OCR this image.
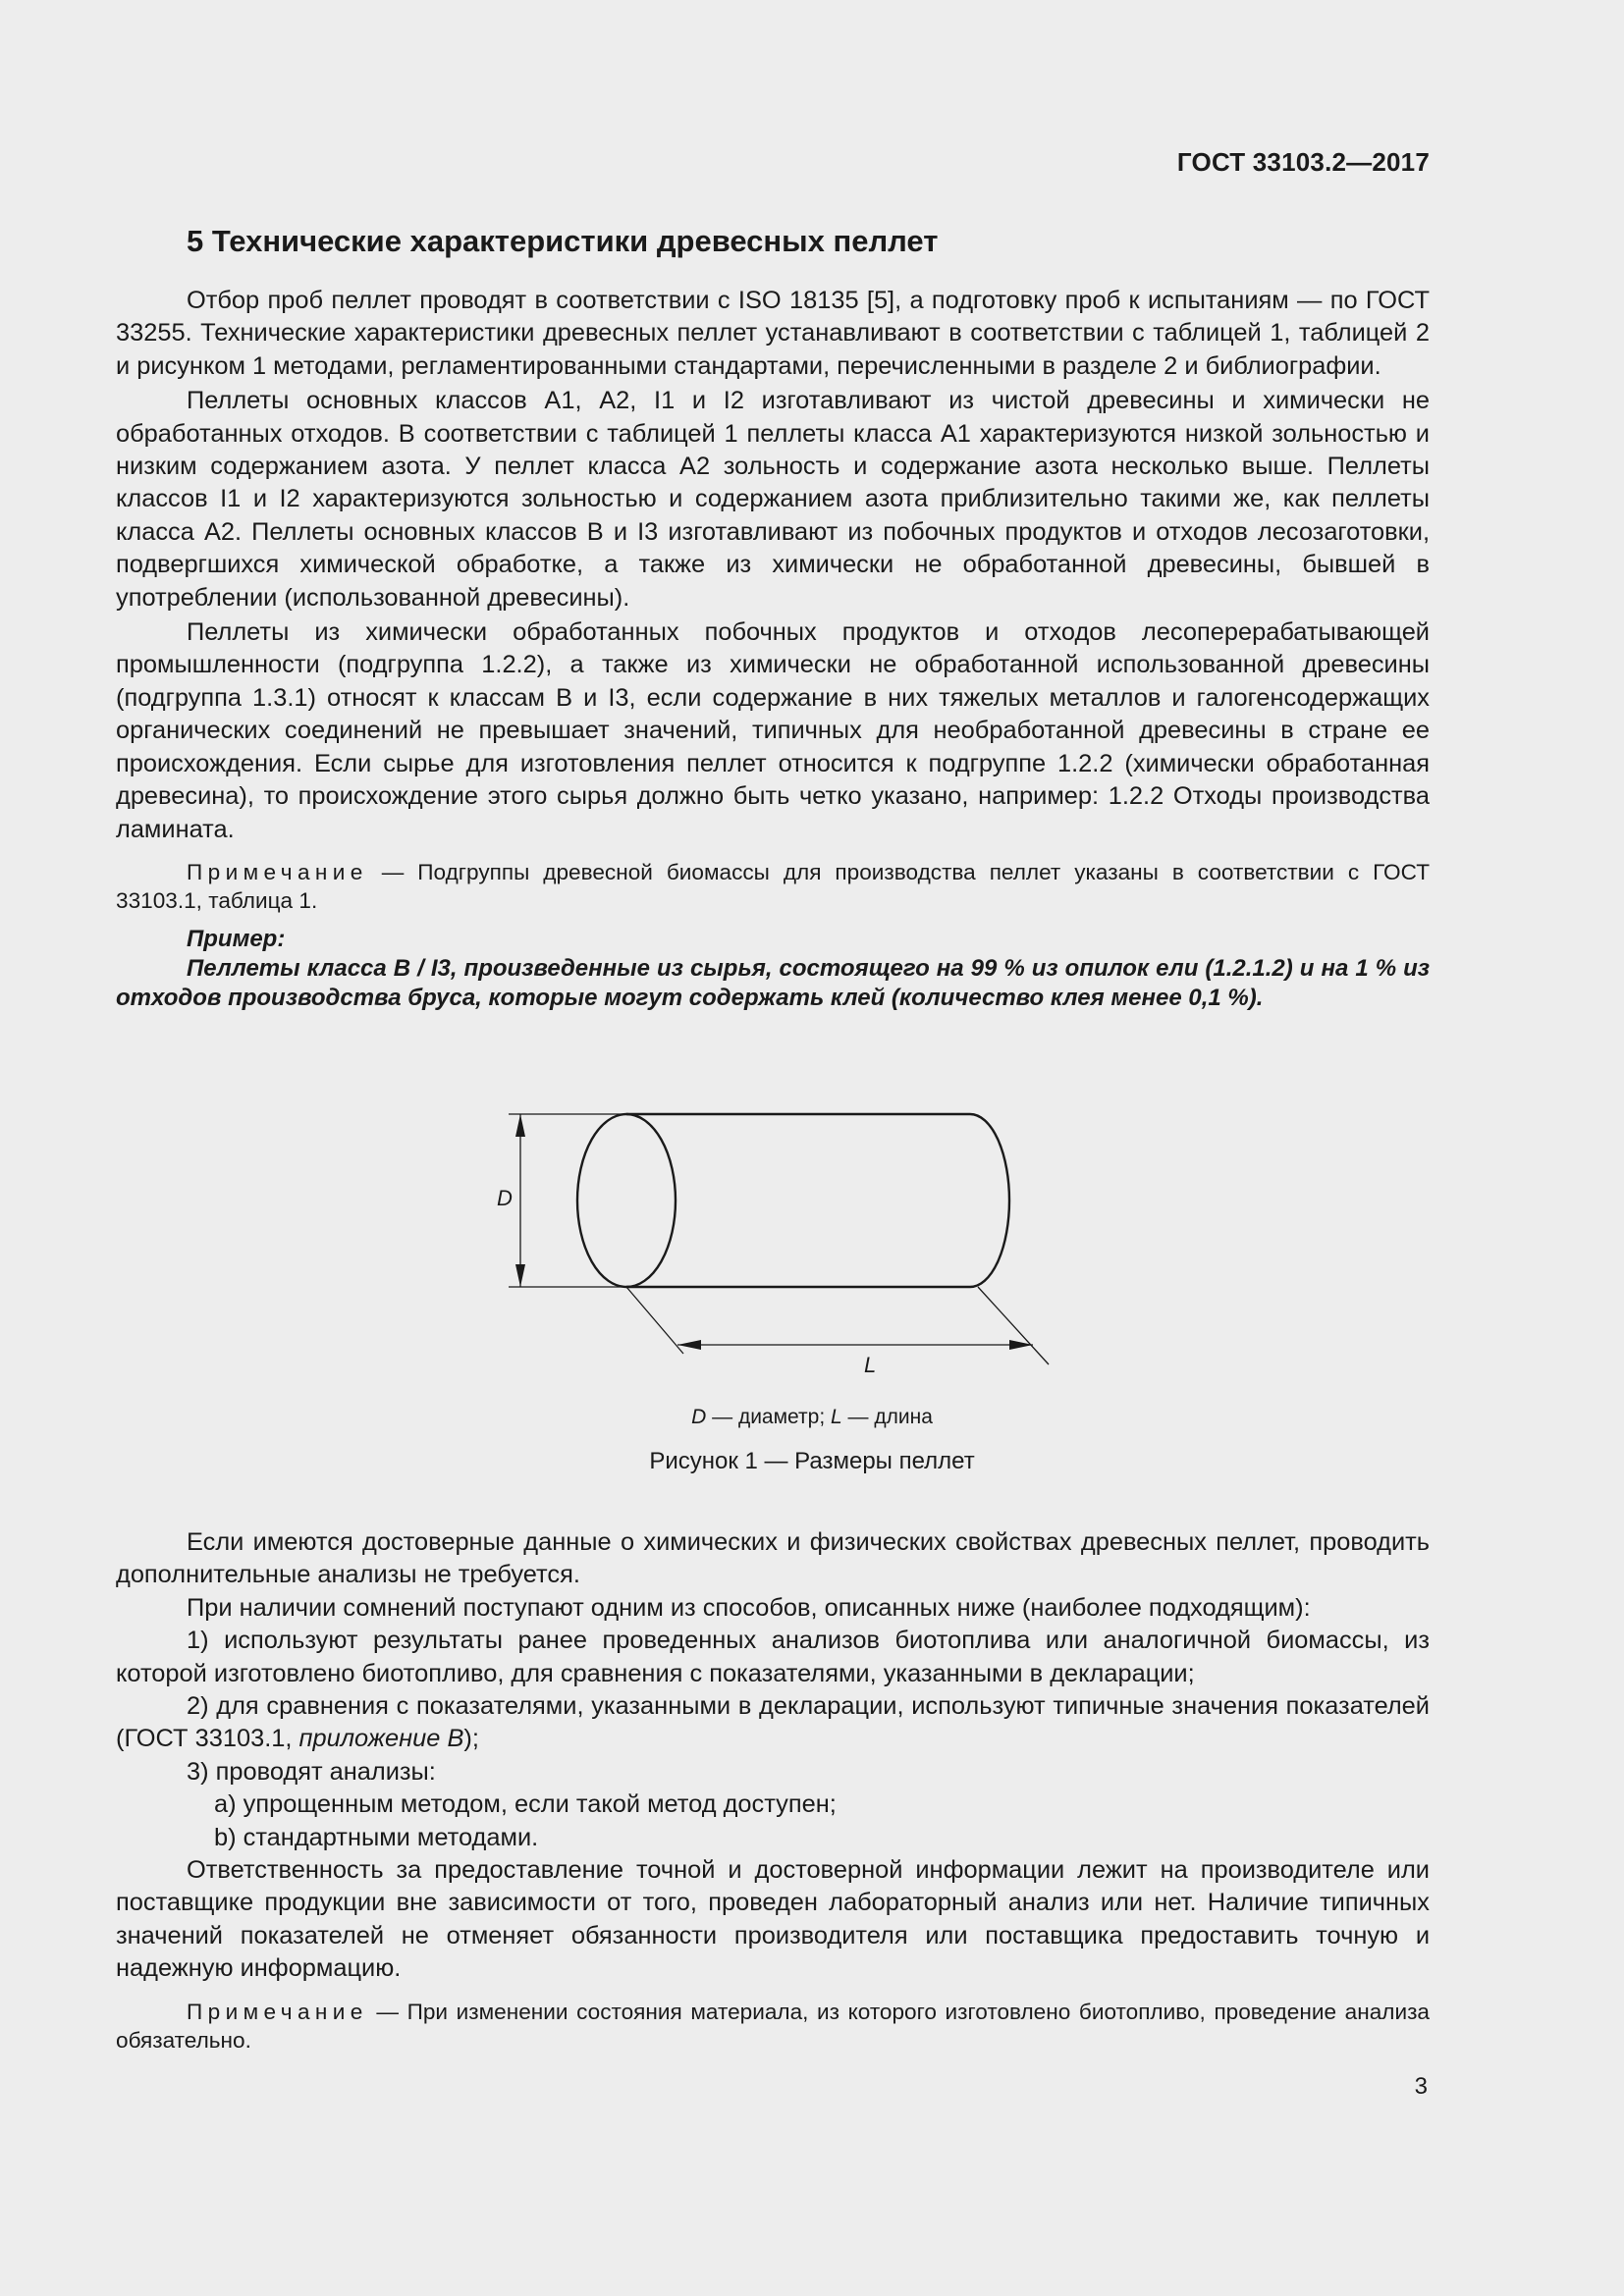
ГОСТ 33103.2—2017
5 Технические характеристики древесных пеллет

Отбор проб пеллет проводят в соответствии с ISO 18135 [5], а подготовку проб к испытаниям — по ГОСТ 33255. Технические характеристики древесных пеллет устанавливают в соответствии с таблицей 1, таблицей 2 и рисунком 1 методами, регламентированными стандартами, перечисленными в разделе 2 и библиографии.

Пеллеты основных классов А1, А2, I1 и I2 изготавливают из чистой древесины и химически не обработанных отходов. В соответствии с таблицей 1 пеллеты класса А1 характеризуются низкой зольностью и низким содержанием азота. У пеллет класса А2 зольность и содержание азота несколько выше. Пеллеты классов I1 и I2 характеризуются зольностью и содержанием азота приблизительно такими же, как пеллеты класса А2. Пеллеты основных классов В и I3 изготавливают из побочных продуктов и отходов лесозаготовки, подвергшихся химической обработке, а также из химически не обработанной древесины, бывшей в употреблении (использованной древесины).

Пеллеты из химически обработанных побочных продуктов и отходов лесоперерабатывающей промышленности (подгруппа 1.2.2), а также из химически не обработанной использованной древесины (подгруппа 1.3.1) относят к классам В и I3, если содержание в них тяжелых металлов и галогенсодержащих органических соединений не превышает значений, типичных для необработанной древесины в стране ее происхождения. Если сырье для изготовления пеллет относится к подгруппе 1.2.2 (химически обработанная древесина), то происхождение этого сырья должно быть четко указано, например: 1.2.2 Отходы производства ламината.

Примечание — Подгруппы древесной биомассы для производства пеллет указаны в соответствии с ГОСТ 33103.1, таблица 1.

Пример:

Пеллеты класса В / I3, произведенные из сырья, состоящего на 99 % из опилок ели (1.2.1.2) и на 1 % из отходов производства бруса, которые могут содержать клей (количество клея менее 0,1 %).

D
L
D — диаметр; L — длина
Рисунок 1 — Размеры пеллет

Если имеются достоверные данные о химических и физических свойствах древесных пеллет, проводить дополнительные анализы не требуется.

При наличии сомнений поступают одним из способов, описанных ниже (наиболее подходящим):

1) используют результаты ранее проведенных анализов биотоплива или аналогичной биомассы, из которой изготовлено биотопливо, для сравнения с показателями, указанными в декларации;

2) для сравнения с показателями, указанными в декларации, используют типичные значения показателей (ГОСТ 33103.1, приложение В);

3) проводят анализы:

а) упрощенным методом, если такой метод доступен;

b) стандартными методами.

Ответственность за предоставление точной и достоверной информации лежит на производителе или поставщике продукции вне зависимости от того, проведен лабораторный анализ или нет. Наличие типичных значений показателей не отменяет обязанности производителя или поставщика предоставить точную и надежную информацию.

Примечание — При изменении состояния материала, из которого изготовлено биотопливо, проведение анализа обязательно.

3
